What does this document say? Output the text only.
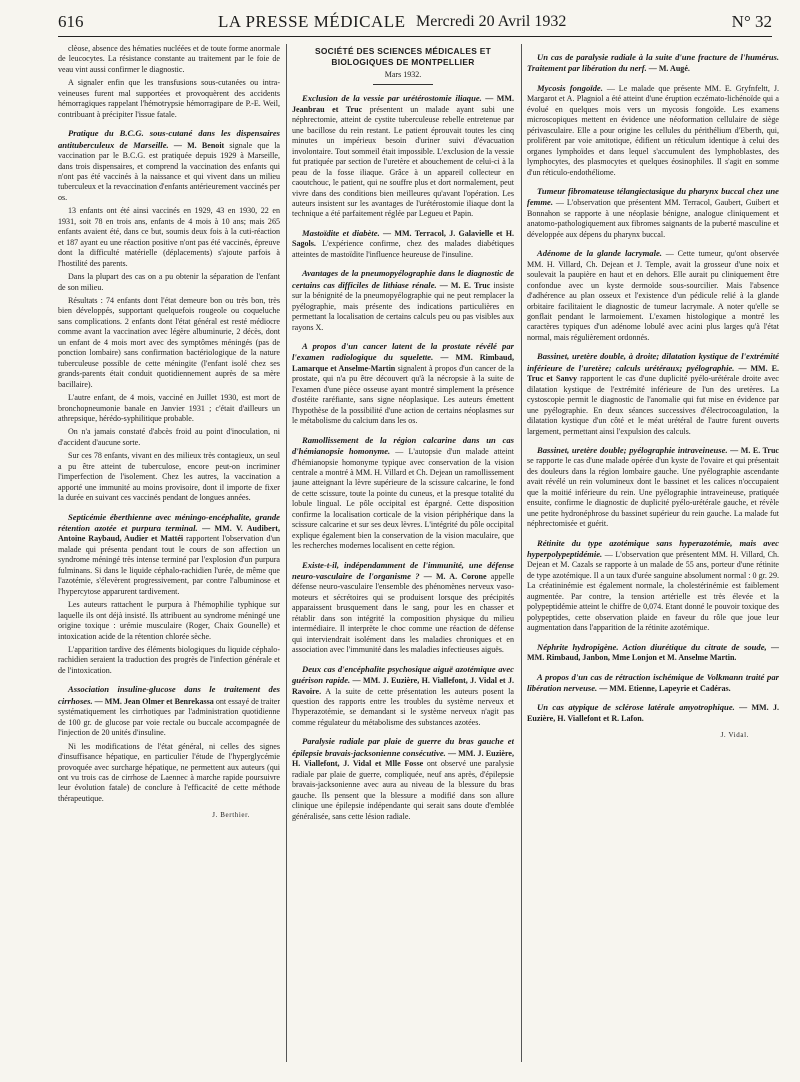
616	LA PRESSE MÉDICALE Mercredi 20 Avril 1932	N° 32

clèose, absence des hématies nucléées et de toute forme anormale de leucocytes. La résistance constante au traitement par le foie de veau vint aussi confirmer le diagnostic.

A signaler enfin que les transfusions sous-cutanées ou intra-veineuses furent mal supportées et provoquèrent des accidents hémorragiques rappelant l'hémotrypsie hémorragipare de P.-E. Weil, contribuant à précipiter l'issue fatale.

Pratique du B.C.G. sous-cutané dans les dispensaires antituberculeux de Marseille. — M. Benoit signale que la vaccination par le B.C.G. est pratiquée depuis 1929 à Marseille, dans trois dispensaires, et comprend la vaccination des enfants qui n'ont pas été vaccinés à la naissance et qui vivent dans un milieu tuberculeux et la revaccination d'enfants antérieurement vaccinés per os.

13 enfants ont été ainsi vaccinés en 1929, 43 en 1930, 22 en 1931, soit 78 en trois ans, enfants de 4 mois à 10 ans; mais 265 enfants avaient été, dans ce but, soumis deux fois à la cuti-réaction et 187 ayant eu une réaction positive n'ont pas été vaccinés, épreuve dont la difficulté matérielle (déplacements) s'ajoute parfois à l'hostilité des parents.

Dans la plupart des cas on a pu obtenir la séparation de l'enfant de son milieu.

Résultats : 74 enfants dont l'état demeure bon ou très bon, très bien développés, supportant quelquefois rougeole ou coqueluche sans complications. 2 enfants dont l'état général est resté médiocre comme avant la vaccination avec légère albuminurie, 2 décès, dont un enfant de 4 mois mort avec des symptômes méningés (pas de ponction lombaire) sans confirmation bactériologique de la nature tuberculeuse possible de cette méningite (l'enfant isolé chez ses grands-parents était conduit quotidiennement auprès de sa mère bacillaire).

L'autre enfant, de 4 mois, vacciné en Juillet 1930, est mort de bronchopneumonie banale en Janvier 1931 ; c'était d'ailleurs un athrepsique, hérédo-syphilitique probable.

On n'a jamais constaté d'abcès froid au point d'inoculation, ni d'accident d'aucune sorte.

Sur ces 78 enfants, vivant en des milieux très contagieux, un seul a pu être atteint de tuberculose, encore peut-on incriminer l'imperfection de l'isolement. Chez les autres, la vaccination a apporté une immunité au moins provisoire, dont il importe de fixer la durée en suivant ces vaccinés pendant de longues années.

Septicémie éberthienne avec méningo-encéphalite, grande rétention azotée et purpura terminal. — MM. V. Audibert, Antoine Raybaud, Audier et Mattéi rapportent l'observation d'un malade qui présenta pendant tout le cours de son affection un syndrome méningé très intense terminé par l'explosion d'un purpura fulminans. Si dans le liquide céphalo-rachidien l'urée, de même que l'azotémie, s'élevèrent progressivement, par contre l'albuminose et l'hypercytose apparurent tardivement.

Les auteurs rattachent le purpura à l'hémophilie typhique sur laquelle ils ont déjà insisté. Ils attribuent au syndrome méningé une origine toxique : urémie musculaire (Roger, Chaix Gounelle) et intoxication acide de la rétention chlorée sèche.

L'apparition tardive des éléments biologiques du liquide céphalo-rachidien seraient la traduction des progrès de l'infection générale et de l'intoxication.

Association insuline-glucose dans le traitement des cirrhoses. — MM. Jean Olmer et Benrekassa ont essayé de traiter systématiquement les cirrhotiques par l'administration quotidienne de 100 gr. de glucose par voie rectale ou buccale accompagnée de l'injection de 20 unités d'insuline.

Ni les modifications de l'état général, ni celles des signes d'insuffisance hépatique, en particulier l'étude de l'hyperglycémie provoquée avec surcharge hépatique, ne permettent aux auteurs (qui ont vu trois cas de cirrhose de Laennec à marche rapide poursuivre leur évolution fatale) de conclure à l'efficacité de cette méthode thérapeutique.

J. Berthier.

SOCIÉTÉ DES SCIENCES MÉDICALES ET BIOLOGIQUES DE MONTPELLIER
Mars 1932.

Exclusion de la vessie par urétérostomie iliaque. — MM. Jeanbrau et Truc présentent un malade ayant subi une néphrectomie, atteint de cystite tuberculeuse rebelle entretenue par une bacillose du rein restant. Le patient éprouvait toutes les cinq minutes un impérieux besoin d'uriner suivi d'évacuation involontaire. Tout sommeil était impossible. L'exclusion de la vessie fut pratiquée par section de l'uretère et abouchement de celui-ci à la peau de la fosse iliaque. Grâce à un appareil collecteur en caoutchouc, le patient, qui ne souffre plus et dort normalement, peut vivre dans des conditions bien meilleures qu'avant l'opération. Les auteurs insistent sur les avantages de l'urétérostomie iliaque dont la technique a été parfaitement réglée par Legueu et Papin.

Mastoïdite et diabète. — MM. Terracol, J. Galavielle et H. Sagols. L'expérience confirme, chez des malades diabétiques atteintes de mastoïdite l'influence heureuse de l'insuline.

Avantages de la pneumopyélographie dans le diagnostic de certains cas difficiles de lithiase rénale. — M. E. Truc insiste sur la bénignité de la pneumopyélographie qui ne peut remplacer la pyélographie, mais présente des indications particulières en permettant la localisation de certains calculs peu ou pas visibles aux rayons X.

A propos d'un cancer latent de la prostate révélé par l'examen radiologique du squelette. — MM. Rimbaud, Lamarque et Anselme-Martin signalent à propos d'un cancer de la prostate, qui n'a pu être découvert qu'à la nécropsie à la suite de l'examen d'une pièce osseuse ayant montré simplement la présence d'ostéite raréfiante, sans signe néoplasique. Les auteurs émettent l'hypothèse de la possibilité d'une action de certains néoplasmes sur le métabolisme du calcium dans les os.

Ramollissement de la région calcarine dans un cas d'hémianopsie homonyme. — L'autopsie d'un malade atteint d'hémianopsie homonyme typique avec conservation de la vision centrale a montré à MM. H. Villard et Ch. Dejean un ramollissement jaune atteignant la lèvre supérieure de la scissure calcarine, le fond de cette scissure, toute la pointe du cuneus, et la presque totalité du lobule lingual. Le pôle occipital est épargné. Cette disposition confirme la localisation corticale de la vision périphérique dans la scissure calcarine et sur ses deux lèvres. L'intégrité du pôle occipital explique également bien la conservation de la vision maculaire, que les recherches modernes localisent en cette région.

Existe-t-il, indépendamment de l'immunité, une défense neuro-vasculaire de l'organisme ? — M. A. Corone appelle défense neuro-vasculaire l'ensemble des phénomènes nerveux vaso-moteurs et sécrétoires qui se produisent lorsque des précipités apparaissent brusquement dans le sang, pour les en chasser et rétablir dans son intégrité la composition physique du milieu intermédiaire. Il interprète le choc comme une réaction de défense qui interviendrait isolément dans les maladies chroniques et en association avec l'immunité dans les maladies infectieuses aiguës.

Deux cas d'encéphalite psychosique aiguë azotémique avec guérison rapide. — MM. J. Euzière, H. Viallefont, J. Vidal et J. Ravoire. A la suite de cette présentation les auteurs posent la question des rapports entre les troubles du système nerveux et l'hyperazotémie, se demandant si le système nerveux n'agit pas comme régulateur du métabolisme des substances azotées.

Paralysie radiale par plaie de guerre du bras gauche et épilepsie bravais-jacksonienne consécutive. — MM. J. Euzière, H. Viallefont, J. Vidal et Mlle Fosse ont observé une paralysie radiale par plaie de guerre, compliquée, neuf ans après, d'épilepsie bravais-jacksonienne avec aura au niveau de la blessure du bras gauche. Ils pensent que la blessure a modifié dans son allure clinique une épilepsie indépendante qui serait sans doute d'emblée généralisée, sans cette lésion radiale.

Un cas de paralysie radiale à la suite d'une fracture de l'humérus. Traitement par libération du nerf. — M. Augé.

Mycosis fongoïde. — Le malade que présente MM. E. Gryfnfeltt, J. Margarot et A. Plagniol a été atteint d'une éruption eczémato-lichénoïde qui a évolué en quelques mois vers un mycosis fongoïde. Les examens microscopiques mettent en évidence une néoformation cellulaire de siège périvasculaire. Elle a pour origine les cellules du périthélium d'Eberth, qui, prolifèrent par voie amitotique, édifient un réticulum identique à celui des organes lymphoïdes et dans lequel s'accumulent des lymphoblastes, des lymphocytes, des plasmocytes et quelques éosinophiles. Il s'agit en somme d'un réticulo-endothéliome.

Tumeur fibromateuse télangiectasique du pharynx buccal chez une femme. — L'observation que présentent MM. Terracol, Gaubert, Guibert et Bonnahon se rapporte à une néoplasie bénigne, analogue cliniquement et anatomo-pathologiquement aux fibromes saignants de la puberté masculine et développée aux dépens du pharynx buccal.

Adénome de la glande lacrymale. — Cette tumeur, qu'ont observée MM. H. Villard, Ch. Dejean et J. Temple, avait la grosseur d'une noix et soulevait la paupière en haut et en dehors. Elle aurait pu cliniquement être confondue avec un kyste dermoïde sous-sourcilier. Mais l'absence d'adhérence au plan osseux et l'existence d'un pédicule relié à la glande orbitaire facilitaient le diagnostic de tumeur lacrymale. A noter qu'elle se gonflait pendant le larmoiement. L'examen histologique a montré les caractères typiques d'un adénome lobulé avec acini plus larges qu'à l'état normal, mais régulièrement ordonnés.

Bassinet, uretère double, à droite; dilatation kystique de l'extrémité inférieure de l'uretère; calculs urétéraux; pyélographie. — MM. E. Truc et Sanvy rapportent le cas d'une duplicité pyélo-urétérale droite avec dilatation kystique de l'extrémité inférieure de l'un des uretères. La cystoscopie permit le diagnostic de l'anomalie qui fut mise en évidence par une pyélographie. En deux séances successives d'électrocoagulation, la dilatation kystique d'un côté et le méat urétéral de l'autre furent ouverts largement, permettant ainsi l'expulsion des calculs.

Bassinet, uretère double; pyélographie intraveineuse. — M. E. Truc se rapporte le cas d'une malade opérée d'un kyste de l'ovaire et qui présentait des douleurs dans la région lombaire gauche. Une pyélographie ascendante avait révélé un rein volumineux dont le bassinet et les calices n'occupaient que la moitié inférieure du rein. Une pyélographie intraveineuse, pratiquée ensuite, confirme le diagnostic de duplicité pyélo-urétérale gauche, et révèle une petite hydronéphrose du bassinet supérieur du rein gauche. La malade fut néphrectomisée et guérit.

Rétinite du type azotémique sans hyperazotémie, mais avec hyperpolypeptidémie. — L'observation que présentent MM. H. Villard, Ch. Dejean et M. Cazals se rapporte à un malade de 55 ans, porteur d'une rétinite de type azotémique. Il a un taux d'urée sanguine absolument normal : 0 gr. 29. La créatininémie est également normale, la cholestérinémie est faiblement augmentée. Par contre, la tension artérielle est très élevée et la polypeptidémie atteint le chiffre de 0,074. Etant donné le pouvoir toxique des polypeptides, cette observation plaide en faveur du rôle que joue leur augmentation dans l'apparition de la rétinite azotémique.

Néphrite hydropigène. Action diurétique du citrate de soude, — MM. Rimbaud, Janbon, Mme Lonjon et M. Anselme Martin.

A propos d'un cas de rétraction ischémique de Volkmann traité par libération nerveuse. — MM. Etienne, Lapeyrie et Cadéras.

Un cas atypique de sclérose latérale amyotrophique. — MM. J. Euzière, H. Viallefont et R. Lafon.

J. Vidal.
